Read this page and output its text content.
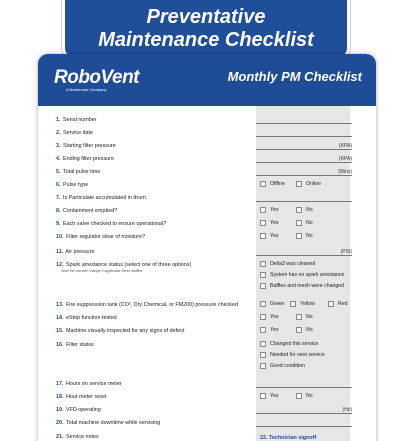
Preventative
Maintenance Checklist
RoboVent
A Nederman Company
Monthly PM Checklist
1. Serial number
2. Service date
3. Starting filter pressure	(KPA)
4. Ending filter pressure	(KPA)
5. Total pulse time	(Mins)
6. Pulse type	Offline	Online
7. Is Particulate accumulated in drum
8. Containment emptied?	Yes	No
9. Each valve checked to ensure operational?	Yes	No
10. Filter regulator clear of moisture?	Yes	No
11. Air pressure	(PSI)
12. Spark arrestance status (select one of three options)
Note the number change if applicable Mesh Baffles
Delta3 was cleaned
System has no spark arrestance
Baffles and mesh were changed
13. Fire suppression tank (CO², Dry Chemical, or FM200) pressure checked	Green	Yellow	Red
14. eStop function tested	Yes	No
15. Machine visually inspected for any signs of defect	Yes	No
16. Filter status	Changed this service
Needed for next service
Good condition
17. Hours on service meter
18. Hour meter reset	Yes	No
19. VFD operating	(Hz)
20. Total machine downtime while servicing
21. Service notes	22. Technician signoff
